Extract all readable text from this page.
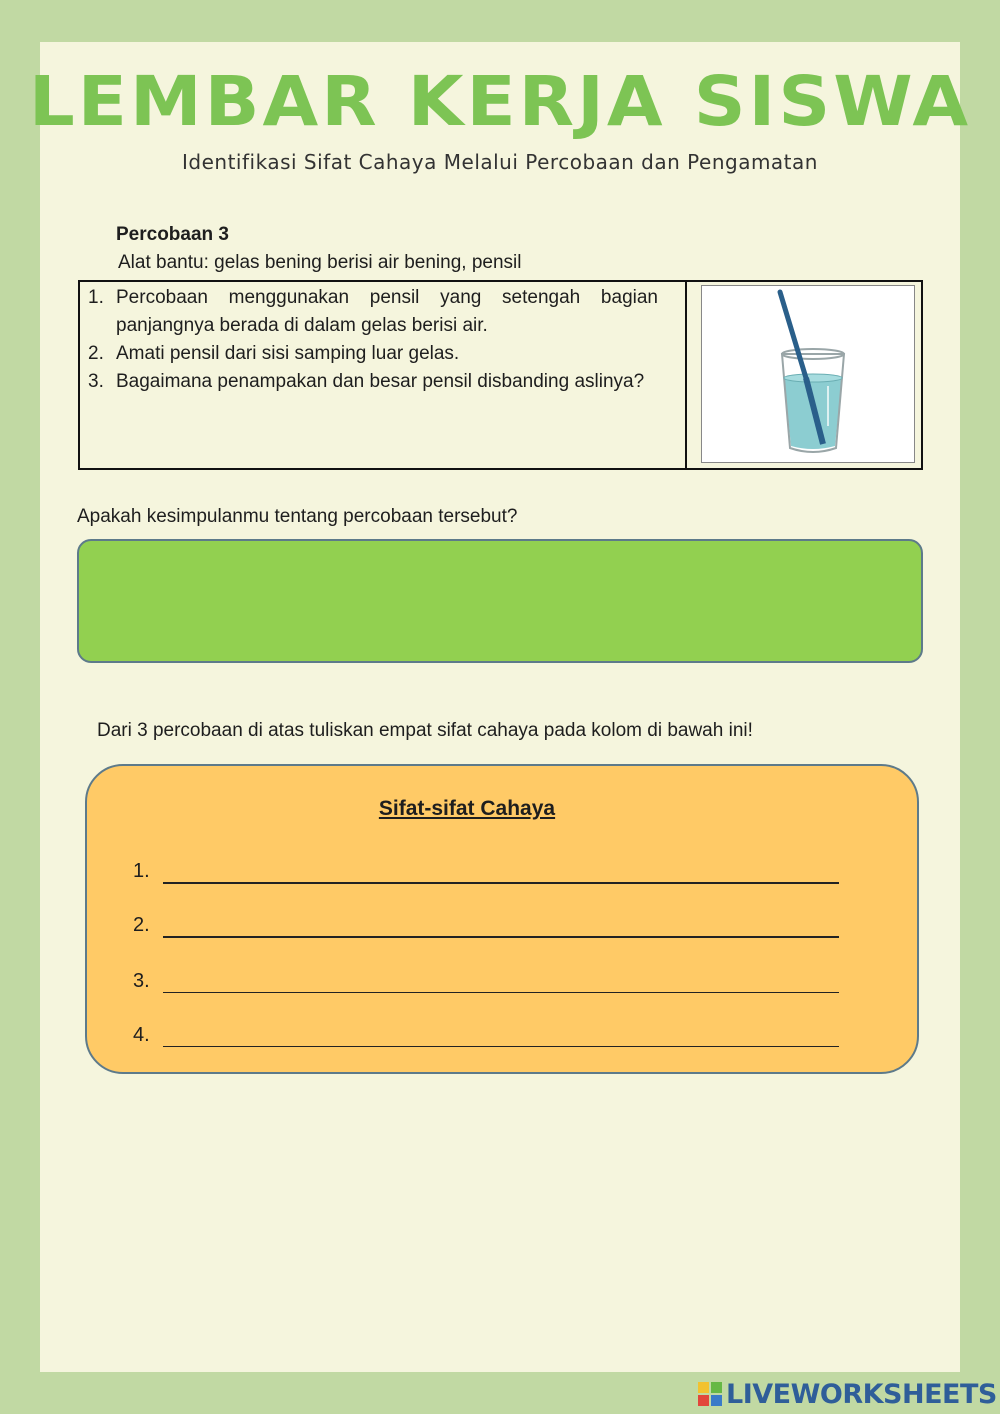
LEMBAR KERJA SISWA
Identifikasi Sifat Cahaya Melalui Percobaan dan Pengamatan
Percobaan 3
Alat bantu: gelas bening berisi air bening, pensil
1. Percobaan menggunakan pensil yang setengah bagian panjangnya berada di dalam gelas berisi air.
2. Amati pensil dari sisi samping luar gelas.
3. Bagaimana penampakan dan besar pensil disbanding aslinya?
Apakah kesimpulanmu tentang percobaan tersebut?
Dari 3 percobaan di atas tuliskan empat sifat cahaya pada kolom di bawah ini!
Sifat-sifat Cahaya
1.
2.
3.
4.
LIVEWORKSHEETS
